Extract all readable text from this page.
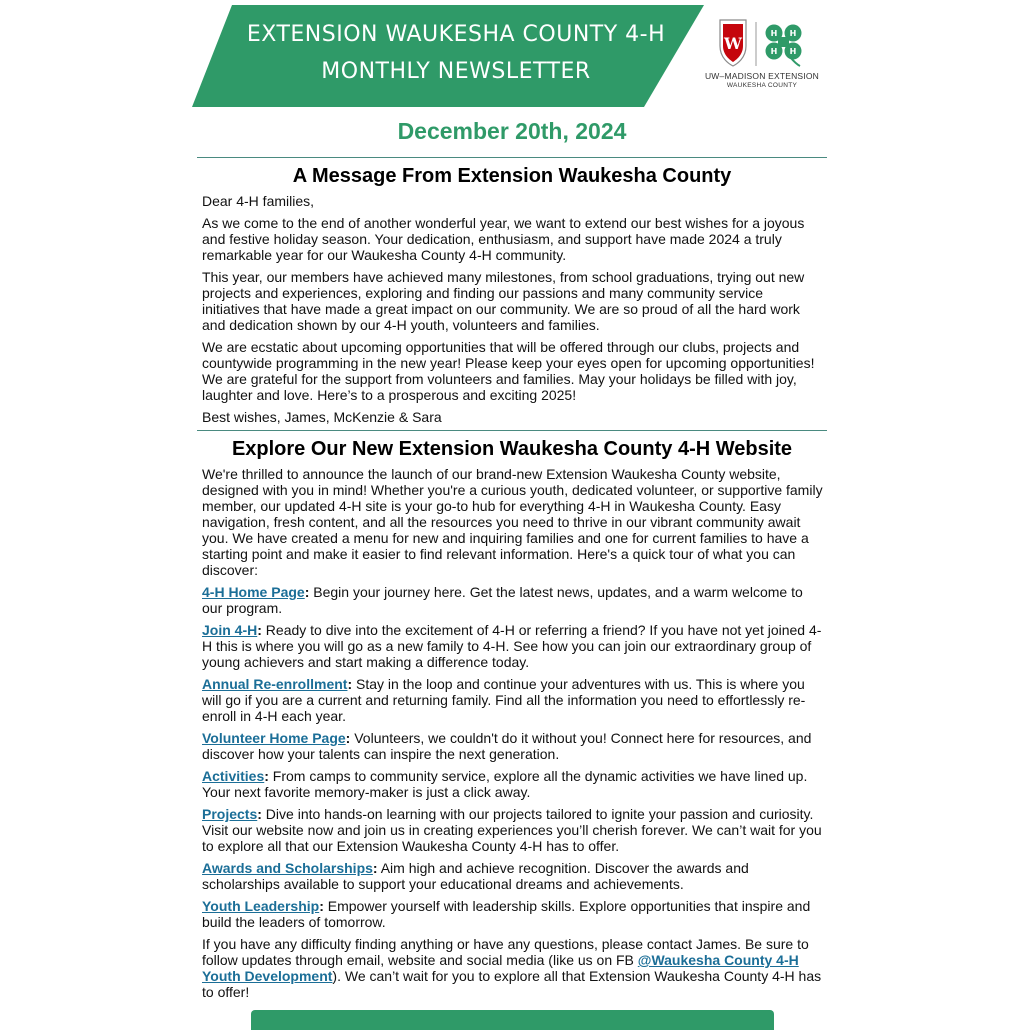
EXTENSION WAUKESHA COUNTY 4-H
MONTHLY NEWSLETTER
W
H H
H H
UW–MADISON EXTENSION
WAUKESHA COUNTY
December 20th, 2024
A Message From Extension Waukesha County

Dear 4-H families,

As we come to the end of another wonderful year, we want to extend our best wishes for a joyous and festive holiday season. Your dedication, enthusiasm, and support have made 2024 a truly remarkable year for our Waukesha County 4-H community.

This year, our members have achieved many milestones, from school graduations, trying out new projects and experiences, exploring and finding our passions and many community service initiatives that have made a great impact on our community. We are so proud of all the hard work and dedication shown by our 4-H youth, volunteers and families.

We are ecstatic about upcoming opportunities that will be offered through our clubs, projects and countywide programming in the new year! Please keep your eyes open for upcoming opportunities! We are grateful for the support from volunteers and families. May your holidays be filled with joy, laughter and love. Here’s to a prosperous and exciting 2025!

Best wishes, James, McKenzie & Sara

Explore Our New Extension Waukesha County 4-H Website

We're thrilled to announce the launch of our brand-new Extension Waukesha County website, designed with you in mind! Whether you're a curious youth, dedicated volunteer, or supportive family member, our updated 4-H site is your go-to hub for everything 4-H in Waukesha County. Easy navigation, fresh content, and all the resources you need to thrive in our vibrant community await you. We have created a menu for new and inquiring families and one for current families to have a starting point and make it easier to find relevant information. Here's a quick tour of what you can discover:

4-H Home Page: Begin your journey here. Get the latest news, updates, and a warm welcome to our program.

Join 4-H: Ready to dive into the excitement of 4-H or referring a friend? If you have not yet joined 4-H this is where you will go as a new family to 4-H. See how you can join our extraordinary group of young achievers and start making a difference today.

Annual Re-enrollment: Stay in the loop and continue your adventures with us. This is where you will go if you are a current and returning family. Find all the information you need to effortlessly re-enroll in 4-H each year.

Volunteer Home Page: Volunteers, we couldn't do it without you! Connect here for resources, and discover how your talents can inspire the next generation.

Activities: From camps to community service, explore all the dynamic activities we have lined up. Your next favorite memory-maker is just a click away.

Projects: Dive into hands-on learning with our projects tailored to ignite your passion and curiosity. Visit our website now and join us in creating experiences you’ll cherish forever. We can’t wait for you to explore all that our Extension Waukesha County 4-H has to offer.

Awards and Scholarships: Aim high and achieve recognition. Discover the awards and scholarships available to support your educational dreams and achievements.

Youth Leadership: Empower yourself with leadership skills. Explore opportunities that inspire and build the leaders of tomorrow.

If you have any difficulty finding anything or have any questions, please contact James. Be sure to follow updates through email, website and social media (like us on FB @Waukesha County 4-H Youth Development). We can’t wait for you to explore all that Extension Waukesha County 4-H has to offer!
